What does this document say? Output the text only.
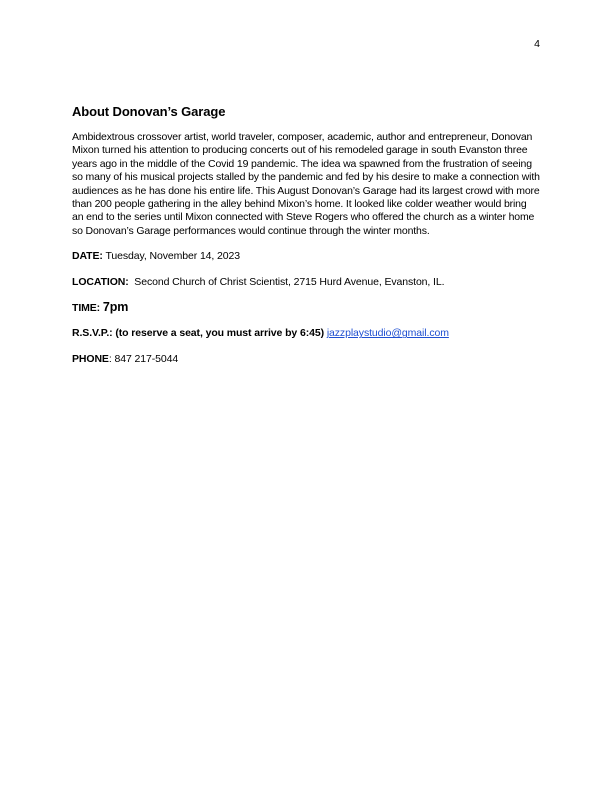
4
About Donovan’s Garage

Ambidextrous crossover artist, world traveler, composer, academic, author and entrepreneur, Donovan Mixon turned his attention to producing concerts out of his remodeled garage in south Evanston three years ago in the middle of the Covid 19 pandemic. The idea wa spawned from the frustration of seeing so many of his musical projects stalled by the pandemic and fed by his desire to make a connection with audiences as he has done his entire life. This August Donovan’s Garage had its largest crowd with more than 200 people gathering in the alley behind Mixon’s home. It looked like colder weather would bring an end to the series until Mixon connected with Steve Rogers who offered the church as a winter home so Donovan’s Garage performances would continue through the winter months.

DATE: Tuesday, November 14, 2023
LOCATION: Second Church of Christ Scientist, 2715 Hurd Avenue, Evanston, IL.
TIME: 7pm
R.S.V.P.: (to reserve a seat, you must arrive by 6:45) jazzplaystudio@gmail.com
PHONE: 847 217-5044
